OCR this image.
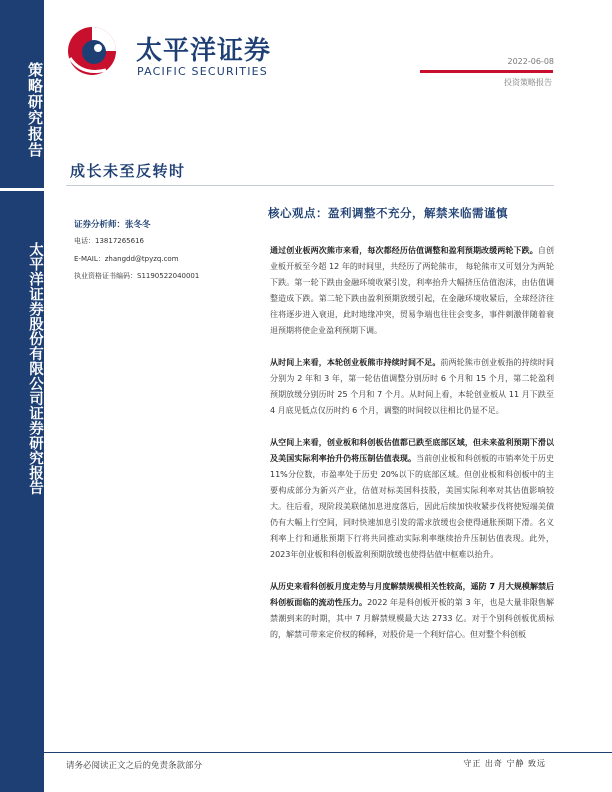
策略研究报告
太平洋证券股份有限公司证券研究报告
太平洋证券
PACIFIC SECURITIES
2022-06-08
投资策略报告
成长未至反转时
证券分析师：张冬冬
电话：13817265616
E-MAIL：zhangdd@tpyzq.com
执业资格证书编码：S1190522040001
核心观点：盈利调整不充分，解禁来临需谨慎

通过创业板两次熊市来看，每次都经历估值调整和盈利预期改缓两轮下跌。自创业板开板至今超 12 年的时间里，共经历了两轮熊市， 每轮熊市又可划分为两轮下跌。第一轮下跌由金融环境收紧引发，利率抬升大幅挤压估值泡沫，由估值调整造成下跌。第二轮下跌由盈利预期放缓引起，在金融环境收紧后，全球经济往往将逐步进入衰退，此时地缘冲突，贸易争端也往往会变多，事件刺激伴随着衰退预期将使企业盈利预期下调。

从时间上来看，本轮创业板熊市持续时间不足。前两轮熊市创业板指的持续时间分别为 2 年和 3 年，第一轮估值调整分别历时 6 个月和 15 个月，第二轮盈利预期放缓分别历时 25 个月和 7 个月。从时间上看，本轮创业板从 11 月下跌至 4 月底见低点仅历时约 6 个月，调整的时间较以往相比仍显不足。

从空间上来看，创业板和科创板估值都已跌至底部区域，但未来盈利预期下滑以及美国实际利率抬升仍将压制估值表现。当前创业板和科创板的市销率处于历史 11%分位数，市盈率处于历史 20%以下的底部区域。但创业板和科创板中的主要构成部分为新兴产业，估值对标美国科技股，美国实际利率对其估值影响较大。往后看，现阶段美联储加息进度落后，因此后续加快收紧步伐将使短端美债仍有大幅上行空间，同时快速加息引发的需求放缓也会使得通胀预期下滑。名义利率上行和通胀预期下行将共同推动实际利率继续抬升压制估值表现。此外，2023年创业板和科创板盈利预期放缓也使得估值中枢难以抬升。

从历史来看科创板月度走势与月度解禁规模相关性较高，遥防 7 月大规模解禁后科创板面临的流动性压力。2022 年是科创板开板的第 3 年，也是大量非限售解禁潮到来的时期，其中 7 月解禁规模最大达 2733 亿。对于个别科创板优质标的，解禁可带来定价权的稀释，对股价是一个利好信心。但对整个科创板

请务必阅读正文之后的免责条款部分	守正 出奇 宁静 致远
